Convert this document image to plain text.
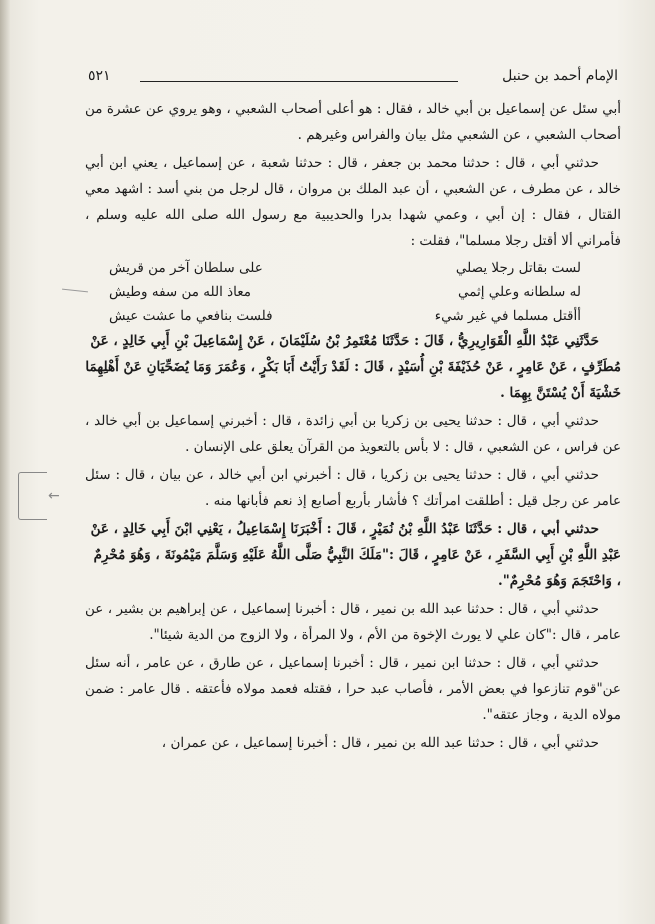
الإمام أحمد بن حنبل
٥٢١
←

أبي سئل عن إسماعيل بن أبي خالد ، فقال : هو أعلى أصحاب الشعبي ، وهو يروي عن عشرة من أصحاب الشعبي ، عن الشعبي مثل بيان والفراس وغيرهم .

حدثني أبي ، قال : حدثنا محمد بن جعفر ، قال : حدثنا شعبة ، عن إسماعيل ، يعني ابن أبي خالد ، عن مطرف ، عن الشعبي ، أن عبد الملك بن مروان ، قال لرجل من بني أسد : اشهد معي القتال ، فقال : إن أبي ، وعمي شهدا بدرا والحديبية مع رسول الله صلى الله عليه وسلم ، فأمراني ألا أقتل رجلا مسلما"، فقلت :

لست بقاتل رجلا يصلي
على سلطان آخر من قريش
له سلطانه وعلي إثمي
معاذ الله من سفه وطيش
أأقتل مسلما في غير شيء
فلست بنافعي ما عشت عيش

حَدَّثَنِي عَبْدُ اللَّهِ الْقَوَارِيرِيُّ ، قَالَ : حَدَّثَنَا مُعْتَمِرُ بْنُ سُلَيْمَانَ ، عَنْ إِسْمَاعِيلَ بْنِ أَبِي خَالِدٍ ، عَنْ مُطَرِّفٍ ، عَنْ عَامِرٍ ، عَنْ حُذَيْفَةَ بْنِ أُسَيْدٍ ، قَالَ : لَقَدْ رَأَيْتُ أَبَا بَكْرٍ ، وَعُمَرَ وَمَا يُضَحِّيَانِ عَنْ أَهْلِهِمَا خَشْيَةَ أَنْ يُسْتَنَّ بِهِمَا .

حدثني أبي ، قال : حدثنا يحيى بن زكريا بن أبي زائدة ، قال : أخبرني إسماعيل بن أبي خالد ، عن فراس ، عن الشعبي ، قال : لا بأس بالتعويذ من القرآن يعلق على الإنسان .

حدثني أبي ، قال : حدثنا يحيى بن زكريا ، قال : أخبرني ابن أبي خالد ، عن بيان ، قال : سئل عامر عن رجل قيل : أطلقت امرأتك ؟ فأشار بأربع أصابع إذ نعم فأبانها منه .

حدثني أبي ، قال : حَدَّثَنَا عَبْدُ اللَّهِ بْنُ نُمَيْرٍ ، قَالَ : أَخْبَرَنَا إِسْمَاعِيلُ ، يَعْنِي ابْنَ أَبِي خَالِدٍ ، عَنْ عَبْدِ اللَّهِ بْنِ أَبِي السَّفَرِ ، عَنْ عَامِرٍ ، قَالَ :"مَلَكَ النَّبِيُّ صَلَّى اللَّهُ عَلَيْهِ وَسَلَّمَ مَيْمُونَةَ ، وَهُوَ مُحْرِمٌ ، وَاحْتَجَمَ وَهُوَ مُحْرِمٌ".

حدثني أبي ، قال : حدثنا عبد الله بن نمير ، قال : أخبرنا إسماعيل ، عن إبراهيم بن بشير ، عن عامر ، قال :"كان علي لا يورث الإخوة من الأم ، ولا المرأة ، ولا الزوج من الدية شيئا".

حدثني أبي ، قال : حدثنا ابن نمير ، قال : أخبرنا إسماعيل ، عن طارق ، عن عامر ، أنه سئل عن"قوم تنازعوا في بعض الأمر ، فأصاب عبد حرا ، فقتله فعمد مولاه فأعتقه . قال عامر : ضمن مولاه الدية ، وجاز عتقه".

حدثني أبي ، قال : حدثنا عبد الله بن نمير ، قال : أخبرنا إسماعيل ، عن عمران ،
